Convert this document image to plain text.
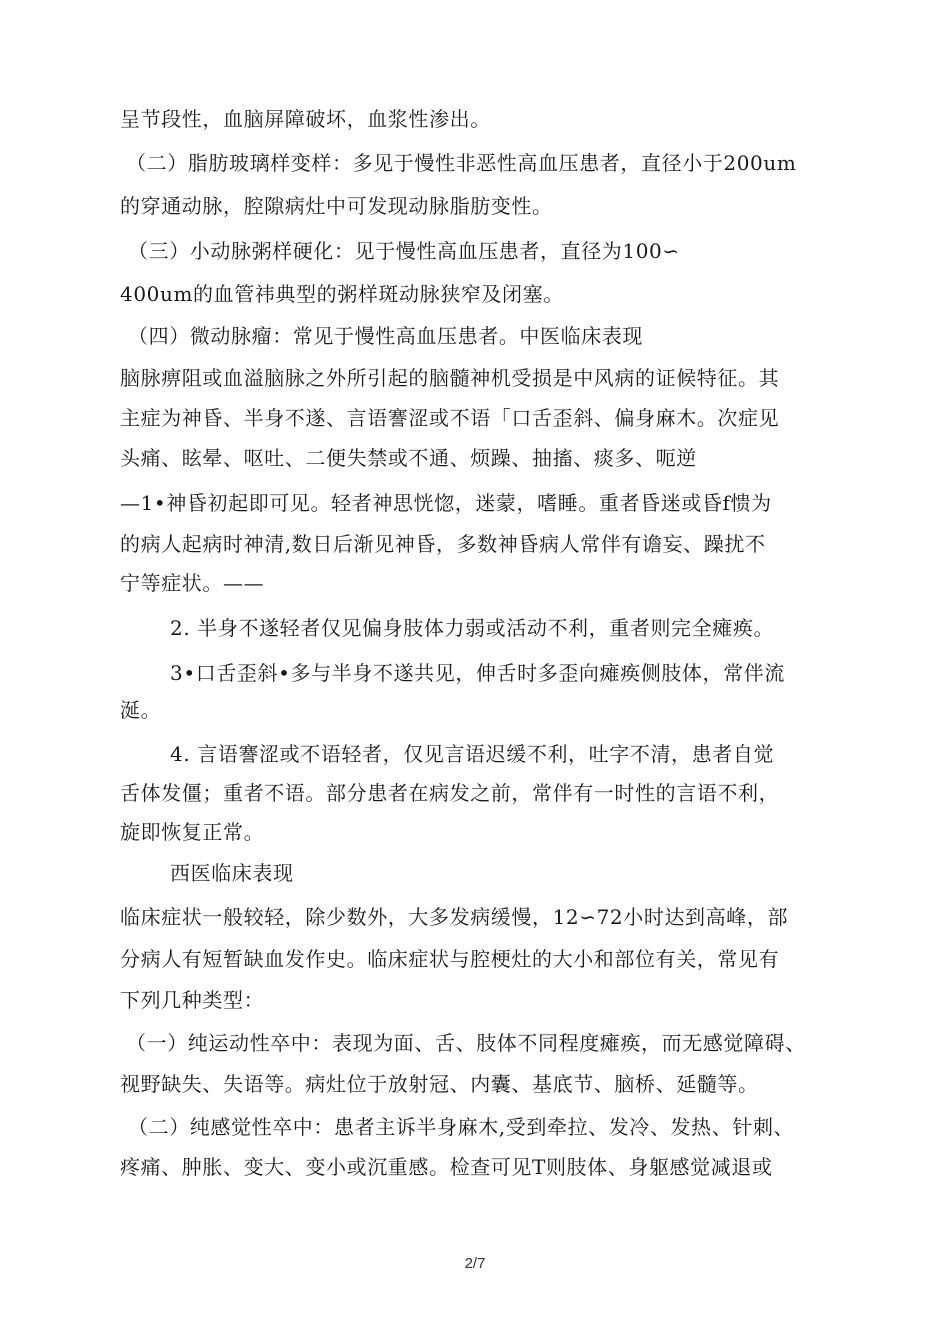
呈节段性，血脑屏障破坏，血浆性渗出。
（二）脂肪玻璃样变样：多见于慢性非恶性高血压患者，直径小于200um
的穿通动脉，腔隙病灶中可发现动脉脂肪变性。
（三）小动脉粥样硬化：见于慢性高血压患者，直径为100∽
400um的血管祎典型的粥样斑动脉狭窄及闭塞。
（四）微动脉瘤：常见于慢性高血压患者。中医临床表现
脑脉痹阻或血溢脑脉之外所引起的脑髓神机受损是中风病的证候特征。其
主症为神昏、半身不遂、言语謇涩或不语「口舌歪斜、偏身麻木。次症见
头痛、眩晕、呕吐、二便失禁或不通、烦躁、抽搐、痰多、呃逆
—1•神昏初起即可见。轻者神思恍惚，迷蒙，嗜睡。重者昏迷或昏f愦为
的病人起病时神清,数日后渐见神昏，多数神昏病人常伴有谵妄、躁扰不
宁等症状。——
2. 半身不遂轻者仅见偏身肢体力弱或活动不利，重者则完全瘫痪。
3•口舌歪斜•多与半身不遂共见，伸舌时多歪向瘫痪侧肢体，常伴流
涎。
4. 言语謇涩或不语轻者，仅见言语迟缓不利，吐字不清，患者自觉
舌体发僵；重者不语。部分患者在病发之前，常伴有一时性的言语不利，
旋即恢复正常。
西医临床表现
临床症状一般较轻，除少数外，大多发病缓慢，12∽72小时达到高峰，部
分病人有短暂缺血发作史。临床症状与腔梗灶的大小和部位有关，常见有
下列几种类型：
（一）纯运动性卒中：表现为面、舌、肢体不同程度瘫痪，而无感觉障碍、
视野缺失、失语等。病灶位于放射冠、内囊、基底节、脑桥、延髓等。
（二）纯感觉性卒中：患者主诉半身麻木,受到牵拉、发冷、发热、针刺、
疼痛、肿胀、变大、变小或沉重感。检查可见T则肢体、身躯感觉减退或
2/7
